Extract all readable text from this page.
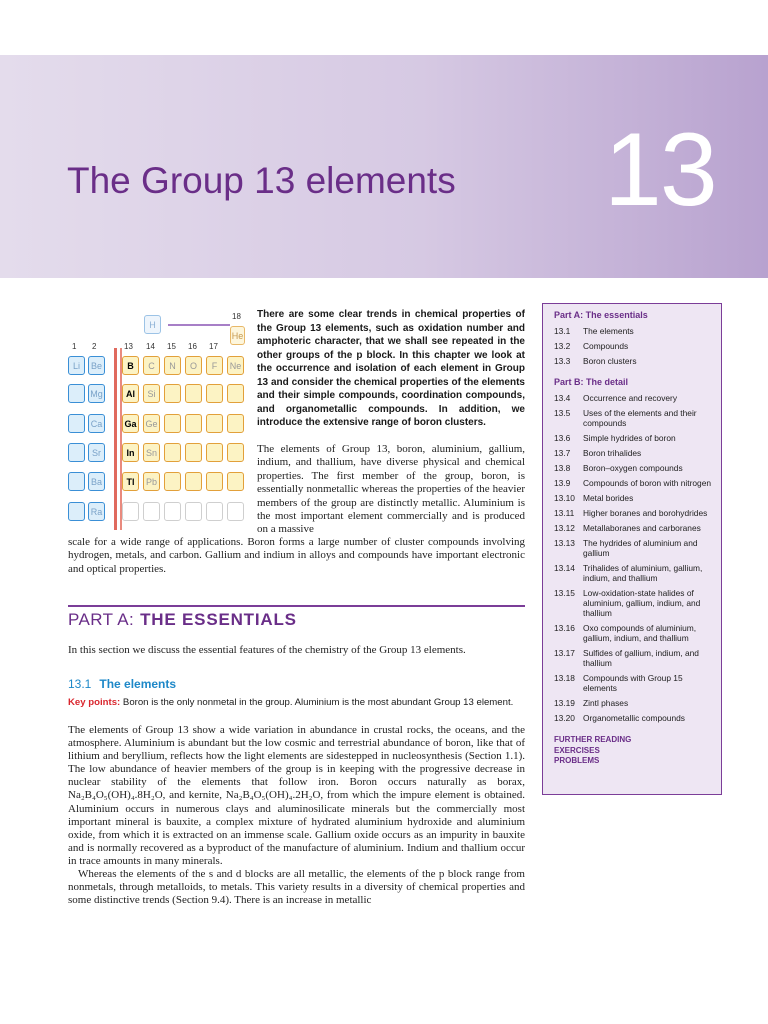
The Group 13 elements 13
1 2	13 14 15 16 17
18
H
He
Li	Be	B	C	N	O	F	Ne
Mg	Al	Si
Ca	Ga Ge
Sr	In	Sn
Ba	Tl	Pb
Ra
There are some clear trends in chemical properties of the Group 13 elements, such as oxidation number and amphoteric character, that we shall see repeated in the other groups of the p block. In this chapter we look at the occurrence and isolation of each element in Group 13 and consider the chemical properties of the elements and their simple compounds, coordination compounds, and organometallic compounds. In addition, we introduce the extensive range of boron clusters.
The elements of Group 13, boron, aluminium, gallium, indium, and thallium, have diverse physical and chemical properties. The first member of the group, boron, is essentially nonmetallic whereas the properties of the heavier members of the group are distinctly metallic. Aluminium is the most important element commercially and is produced on a massive
scale for a wide range of applications. Boron forms a large number of cluster compounds involving hydrogen, metals, and carbon. Gallium and indium in alloys and compounds have important electronic and optical properties.
PART A: THE ESSENTIALS
In this section we discuss the essential features of the chemistry of the Group 13 elements.
13.1 The elements
Key points: Boron is the only nonmetal in the group. Aluminium is the most abundant Group 13 element.

The elements of Group 13 show a wide variation in abundance in crustal rocks, the oceans, and the atmosphere. Aluminium is abundant but the low cosmic and terrestrial abundance of boron, like that of lithium and beryllium, reflects how the light elements are sidestepped in nucleosynthesis (Section 1.1). The low abundance of heavier members of the group is in keeping with the progressive decrease in nuclear stability of the elements that follow iron. Boron occurs naturally as borax, Na₂B₄O₅(OH)₄.8H₂O, and kernite, Na₂B₄O₅(OH)₄.2H₂O, from which the impure element is obtained. Aluminium occurs in numerous clays and aluminosilicate minerals but the commercially most important mineral is bauxite, a complex mixture of hydrated aluminium hydroxide and aluminium oxide, from which it is extracted on an immense scale. Gallium oxide occurs as an impurity in bauxite and is normally recovered as a byproduct of the manufacture of aluminium. Indium and thallium occur in trace amounts in many minerals.

Whereas the elements of the s and d blocks are all metallic, the elements of the p block range from nonmetals, through metalloids, to metals. This variety results in a diversity of chemical properties and some distinctive trends (Section 9.4). There is an increase in metallic

Part A: The essentials
13.1	The elements
13.2	Compounds
13.3	Boron clusters
Part B: The detail
13.4	Occurrence and recovery
13.5	Uses of the elements and their compounds
13.6	Simple hydrides of boron
13.7	Boron trihalides
13.8	Boron–oxygen compounds
13.9	Compounds of boron with nitrogen
13.10 Metal borides
13.11	Higher boranes and borohydrides
13.12 Metallaboranes and carboranes
13.13 The hydrides of aluminium and gallium
13.14 Trihalides of aluminium, gallium, indium, and thallium
13.15 Low-oxidation-state halides of aluminium, gallium, indium, and thallium
13.16 Oxo compounds of aluminium, gallium, indium, and thallium
13.17 Sulfides of gallium, indium, and thallium
13.18 Compounds with Group 15 elements
13.19 Zintl phases
13.20 Organometallic compounds
FURTHER READING
EXERCISES
PROBLEMS
